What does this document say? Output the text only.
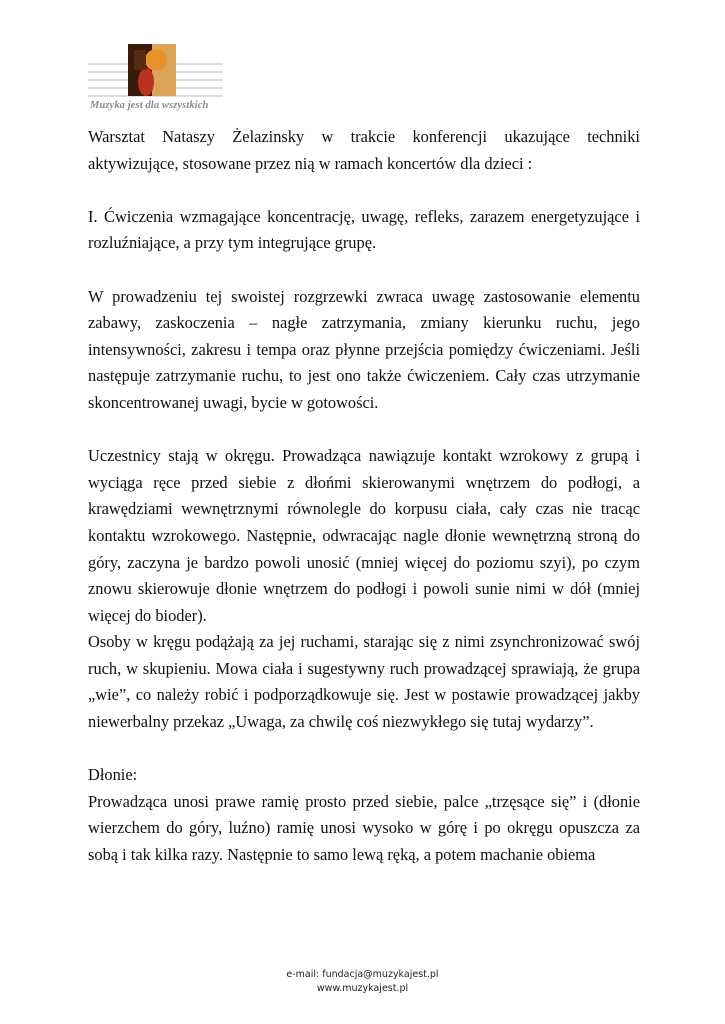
Muzyka jest dla wszystkich

Warsztat Nataszy Żelazinsky w trakcie konferencji ukazujące techniki aktywizujące, stosowane przez nią w ramach koncertów dla dzieci :

I. Ćwiczenia wzmagające koncentrację, uwagę, refleks, zarazem energetyzujące i rozluźniające, a przy tym integrujące grupę.

W prowadzeniu tej swoistej rozgrzewki zwraca uwagę zastosowanie elementu zabawy, zaskoczenia – nagłe zatrzymania, zmiany kierunku ruchu, jego intensywności, zakresu i tempa oraz płynne przejścia pomiędzy ćwiczeniami. Jeśli następuje zatrzymanie ruchu, to jest ono także ćwiczeniem. Cały czas utrzymanie skoncentrowanej uwagi, bycie w gotowości.

Uczestnicy stają w okręgu. Prowadząca nawiązuje kontakt wzrokowy z grupą i wyciąga ręce przed siebie z dłońmi skierowanymi wnętrzem do podłogi, a krawędziami wewnętrznymi równolegle do korpusu ciała, cały czas nie tracąc kontaktu wzrokowego. Następnie, odwracając nagle dłonie wewnętrzną stroną do góry, zaczyna je bardzo powoli unosić (mniej więcej do poziomu szyi), po czym znowu skierowuje dłonie wnętrzem do podłogi i powoli sunie nimi w dół (mniej więcej do bioder).

Osoby w kręgu podążają za jej ruchami, starając się z nimi zsynchronizować swój ruch, w skupieniu. Mowa ciała i sugestywny ruch prowadzącej sprawiają, że grupa „wie”, co należy robić i podporządkowuje się. Jest w postawie prowadzącej jakby niewerbalny przekaz „Uwaga, za chwilę coś niezwykłego się tutaj wydarzy”.

Dłonie:

Prowadząca unosi prawe ramię prosto przed siebie, palce „trzęsące się” i (dłonie wierzchem do góry, luźno) ramię unosi wysoko w górę i po okręgu opuszcza za sobą i tak kilka razy. Następnie to samo lewą ręką, a potem machanie obiema

e-mail: fundacja@muzykajest.pl
www.muzykajest.pl
